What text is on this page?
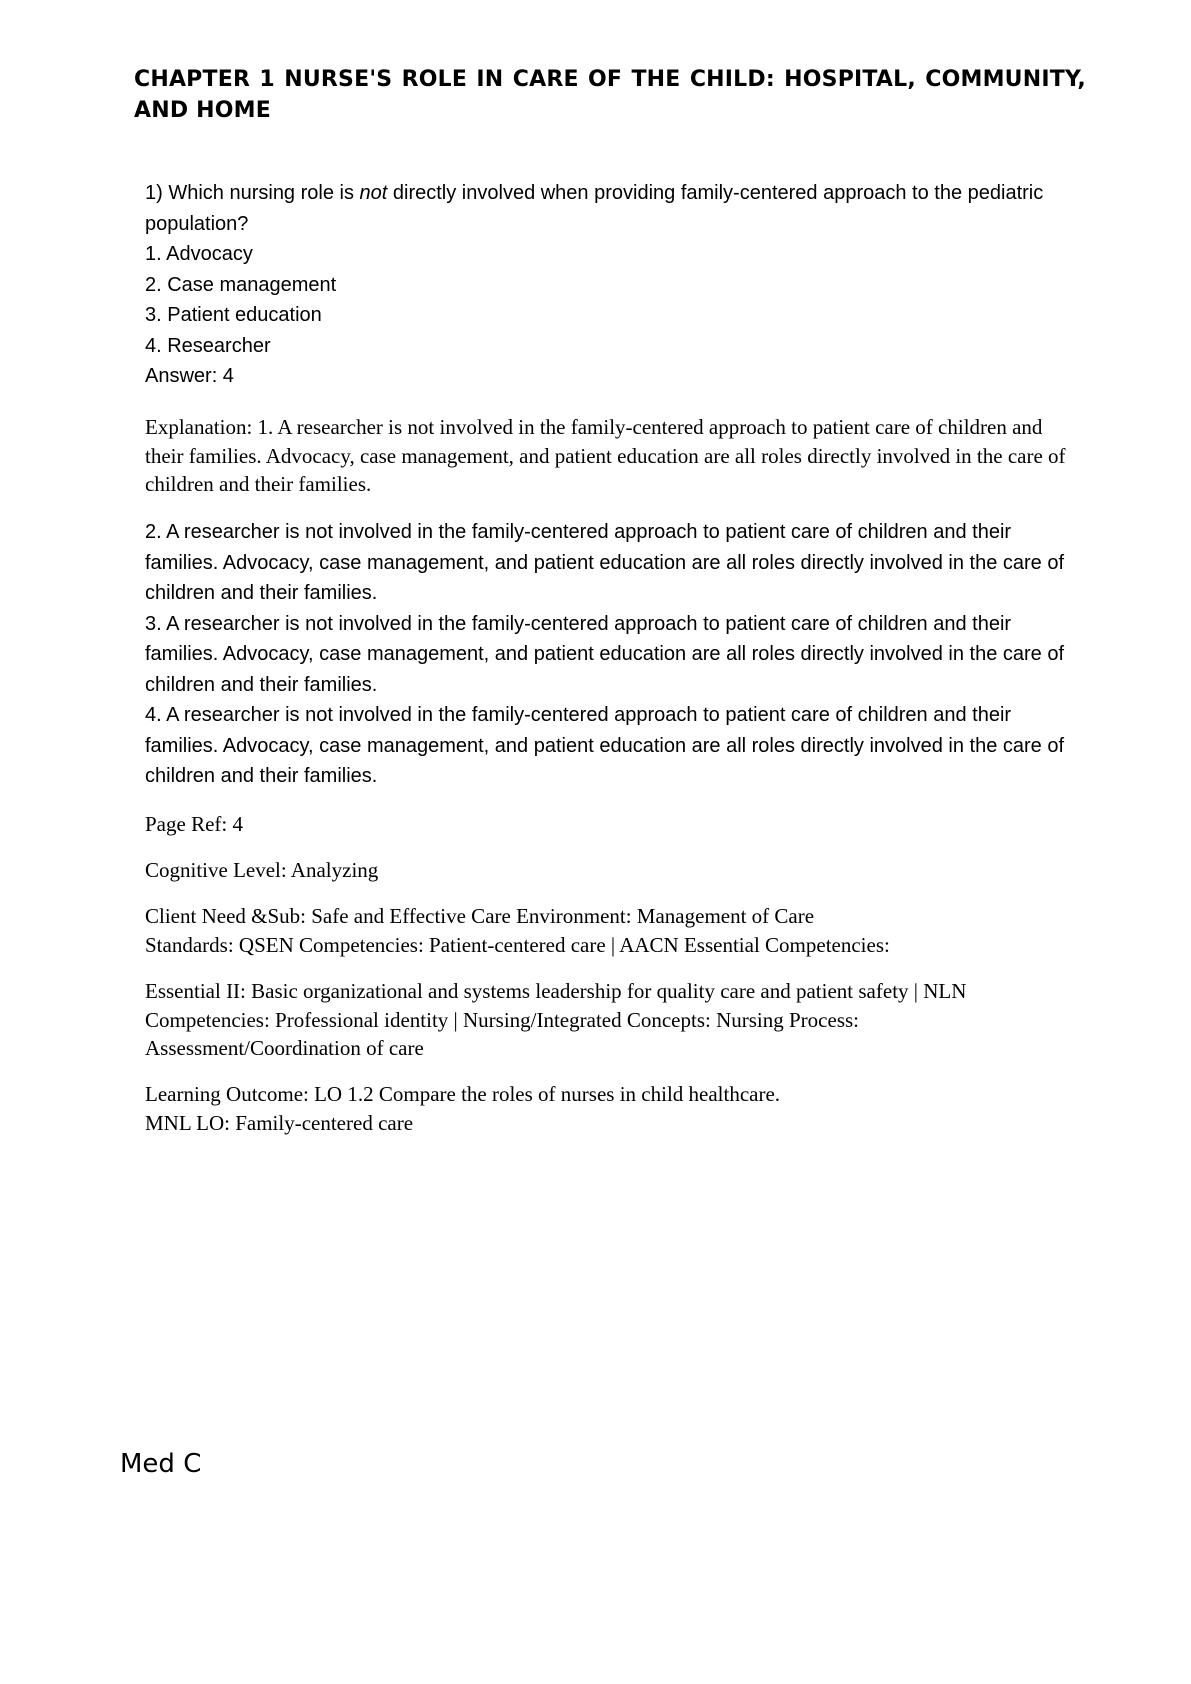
CHAPTER 1 NURSE'S ROLE IN CARE OF THE CHILD: HOSPITAL, COMMUNITY, AND HOME

1) Which nursing role is not directly involved when providing family-centered approach to the pediatric population?

1. Advocacy
2. Case management
3. Patient education
4. Researcher

Answer: 4

Explanation: 1. A researcher is not involved in the family-centered approach to patient care of children and their families. Advocacy, case management, and patient education are all roles directly involved in the care of children and their families.

2. A researcher is not involved in the family-centered approach to patient care of children and their families. Advocacy, case management, and patient education are all roles directly involved in the care of children and their families.

3. A researcher is not involved in the family-centered approach to patient care of children and their families. Advocacy, case management, and patient education are all roles directly involved in the care of children and their families.

4. A researcher is not involved in the family-centered approach to patient care of children and their families. Advocacy, case management, and patient education are all roles directly involved in the care of children and their families.

Page Ref: 4

Cognitive Level: Analyzing

Client Need &Sub: Safe and Effective Care Environment: Management of Care

Standards: QSEN Competencies: Patient-centered care | AACN Essential Competencies:

Essential II: Basic organizational and systems leadership for quality care and patient safety | NLN Competencies: Professional identity | Nursing/Integrated Concepts: Nursing Process: Assessment/Coordination of care

Learning Outcome: LO 1.2 Compare the roles of nurses in child healthcare.

MNL LO: Family-centered care

Med C
